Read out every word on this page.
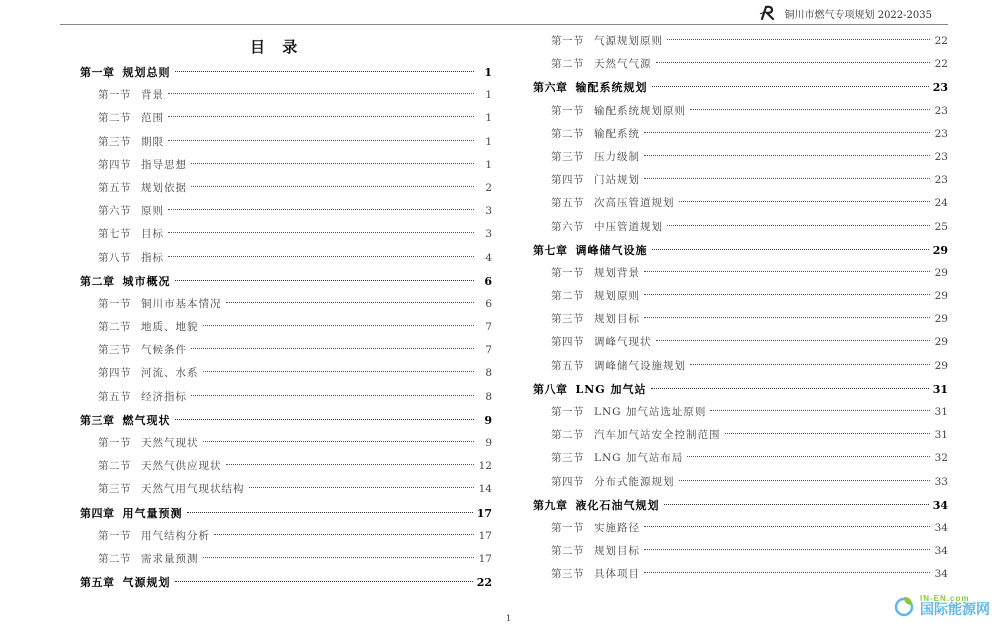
铜川市燃气专项规划 2022-2035
目 录
第一章 规划总则	1
第一节 背景	1
第二节 范围	1
第三节 期限	1
第四节 指导思想	1
第五节 规划依据	2
第六节 原则	3
第七节 目标	3
第八节 指标	4
第二章 城市概况	6
第一节 铜川市基本情况	6
第二节 地质、地貌	7
第三节 气候条件	7
第四节 河流、水系	8
第五节 经济指标	8
第三章 燃气现状	9
第一节 天然气现状	9
第二节 天然气供应现状	12
第三节 天然气用气现状结构	14
第四章 用气量预测	17
第一节 用气结构分析	17
第二节 需求量预测	17
第五章 气源规划	22
第一节 气源规划原则	22
第二节 天然气气源	22
第六章 输配系统规划	23
第一节 输配系统规划原则	23
第二节 输配系统	23
第三节 压力级制	23
第四节 门站规划	23
第五节 次高压管道规划	24
第六节 中压管道规划	25
第七章 调峰储气设施	29
第一节 规划背景	29
第二节 规划原则	29
第三节 规划目标	29
第四节 调峰气现状	29
第五节 调峰储气设施规划	29
第八章 LNG 加气站	31
第一节 LNG 加气站选址原则	31
第二节 汽车加气站安全控制范围	31
第三节 LNG 加气站布局	32
第四节 分布式能源规划	33
第九章 液化石油气规划	34
第一节 实施路径	34
第二节 规划目标	34
第三节 具体项目	34
1
IN-EN.com
国际能源网
